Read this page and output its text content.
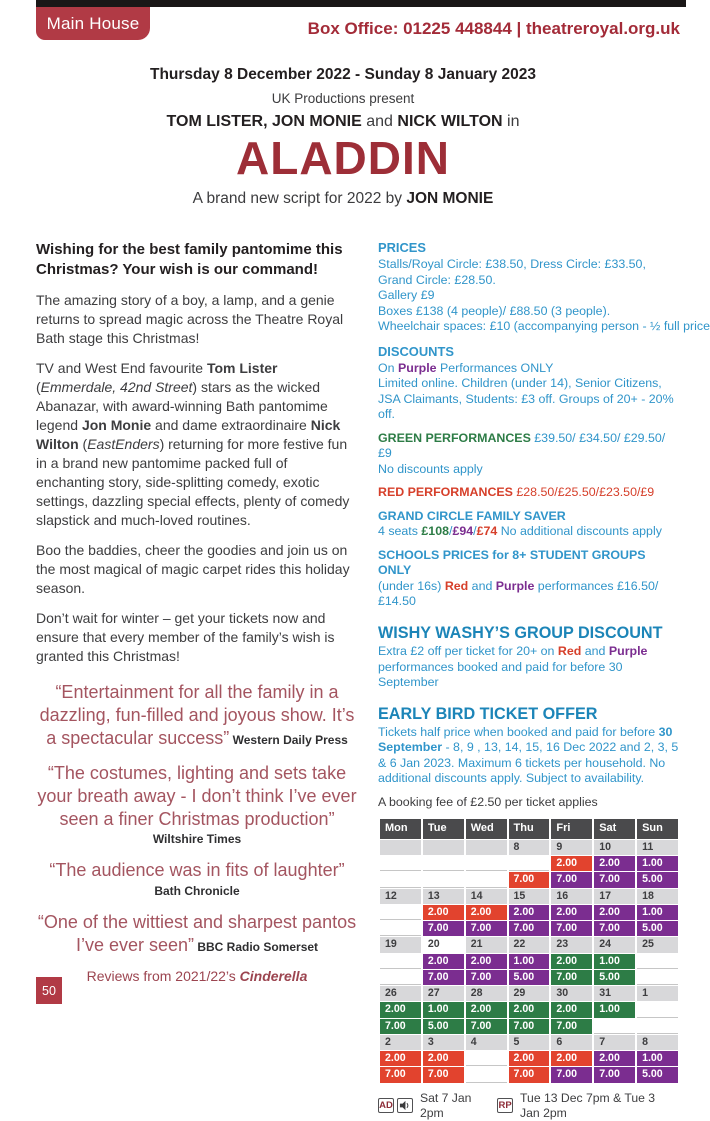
Main House	Box Office: 01225 448844 | theatreroyal.org.uk
Thursday 8 December 2022 - Sunday 8 January 2023
UK Productions present
TOM LISTER, JON MONIE and NICK WILTON in
ALADDIN
A brand new script for 2022 by JON MONIE
Wishing for the best family pantomime this Christmas? Your wish is our command!
The amazing story of a boy, a lamp, and a genie returns to spread magic across the Theatre Royal Bath stage this Christmas!
TV and West End favourite Tom Lister (Emmerdale, 42nd Street) stars as the wicked Abanazar, with award-winning Bath pantomime legend Jon Monie and dame extraordinaire Nick Wilton (EastEnders) returning for more festive fun in a brand new pantomime packed full of enchanting story, side-splitting comedy, exotic settings, dazzling special effects, plenty of comedy slapstick and much-loved routines.
Boo the baddies, cheer the goodies and join us on the most magical of magic carpet rides this holiday season.
Don’t wait for winter – get your tickets now and ensure that every member of the family’s wish is granted this Christmas!
“Entertainment for all the family in a dazzling, fun-filled and joyous show. It’s a spectacular success” Western Daily Press
“The costumes, lighting and sets take your breath away - I don’t think I’ve ever seen a finer Christmas production”
Wiltshire Times
“The audience was in fits of laughter”
Bath Chronicle
“One of the wittiest and sharpest pantos I’ve ever seen” BBC Radio Somerset
Reviews from 2021/22’s Cinderella
PRICES
Stalls/Royal Circle: £38.50, Dress Circle: £33.50, Grand Circle: £28.50.
Gallery £9
Boxes £138 (4 people)/ £88.50 (3 people).
Wheelchair spaces: £10 (accompanying person - ½ full price
DISCOUNTS
On Purple Performances ONLY
Limited online. Children (under 14), Senior Citizens, JSA Claimants, Students: £3 off. Groups of 20+ - 20% off.
GREEN PERFORMANCES £39.50/ £34.50/ £29.50/ £9
No discounts apply
RED PERFORMANCES £28.50/£25.50/£23.50/£9
GRAND CIRCLE FAMILY SAVER
4 seats £108/£94/£74 No additional discounts apply
SCHOOLS PRICES for 8+ STUDENT GROUPS ONLY
(under 16s) Red and Purple performances £16.50/ £14.50
WISHY WASHY’S GROUP DISCOUNT
Extra £2 off per ticket for 20+ on Red and Purple performances booked and paid for before 30 September
EARLY BIRD TICKET OFFER
Tickets half price when booked and paid for before 30 September - 8, 9 , 13, 14, 15, 16 Dec 2022 and 2, 3, 5 & 6 Jan 2023. Maximum 6 tickets per household. No additional discounts apply. Subject to availability.
A booking fee of £2.50 per ticket applies
Mon	Tue	Wed	Thu	Fri	Sat	Sun
			8	9	10	11
				2.00	2.00	1.00
			7.00	7.00	7.00	5.00
12	13	14	15	16	17	18
	2.00	2.00	2.00	2.00	2.00	1.00
	7.00	7.00	7.00	7.00	7.00	5.00
19	20	21	22	23	24	25
	2.00	2.00	1.00	2.00	1.00	
	7.00	7.00	5.00	7.00	5.00	
26	27	28	29	30	31	1
2.00	1.00	2.00	2.00	2.00	1.00	
7.00	5.00	7.00	7.00	7.00		
2	3	4	5	6	7	8
2.00	2.00		2.00	2.00	2.00	1.00
7.00	7.00		7.00	7.00	7.00	5.00
AD
Sat 7 Jan 2pm
RP
Tue 13 Dec 7pm & Tue 3 Jan 2pm
50
